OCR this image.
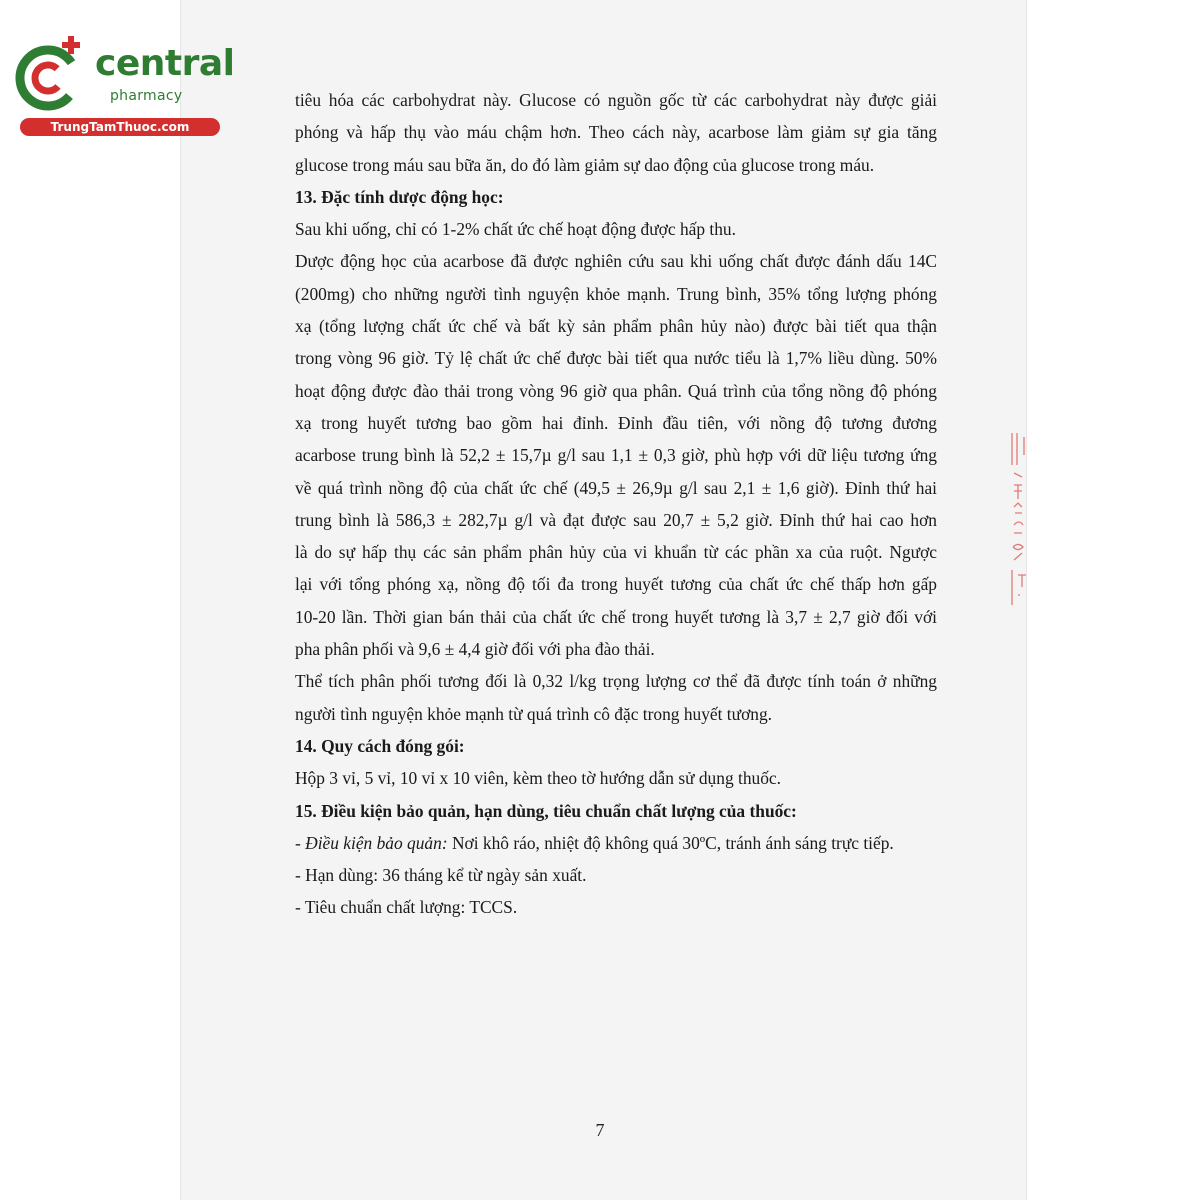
central
pharmacy
TrungTamThuoc.com

tiêu hóa các carbohydrat này. Glucose có nguồn gốc từ các carbohydrat này được giải

phóng và hấp thụ vào máu chậm hơn. Theo cách này, acarbose làm giảm sự gia tăng

glucose trong máu sau bữa ăn, do đó làm giảm sự dao động của glucose trong máu.

13. Đặc tính dược động học:

Sau khi uống, chỉ có 1-2% chất ức chế hoạt động được hấp thu.

Dược động học của acarbose đã được nghiên cứu sau khi uống chất được đánh dấu 14C

(200mg) cho những người tình nguyện khỏe mạnh. Trung bình, 35% tổng lượng phóng

xạ (tổng lượng chất ức chế và bất kỳ sản phẩm phân hủy nào) được bài tiết qua thận

trong vòng 96 giờ. Tỷ lệ chất ức chế được bài tiết qua nước tiểu là 1,7% liều dùng. 50%

hoạt động được đào thải trong vòng 96 giờ qua phân. Quá trình của tổng nồng độ phóng

xạ trong huyết tương bao gồm hai đỉnh. Đỉnh đầu tiên, với nồng độ tương đương

acarbose trung bình là 52,2 ± 15,7µ g/l sau 1,1 ± 0,3 giờ, phù hợp với dữ liệu tương ứng

về quá trình nồng độ của chất ức chế (49,5 ± 26,9µ g/l sau 2,1 ± 1,6 giờ). Đỉnh thứ hai

trung bình là 586,3 ± 282,7µ g/l và đạt được sau 20,7 ± 5,2 giờ. Đỉnh thứ hai cao hơn

là do sự hấp thụ các sản phẩm phân hủy của vi khuẩn từ các phần xa của ruột. Ngược

lại với tổng phóng xạ, nồng độ tối đa trong huyết tương của chất ức chế thấp hơn gấp

10-20 lần. Thời gian bán thải của chất ức chế trong huyết tương là 3,7 ± 2,7 giờ đối với

pha phân phối và 9,6 ± 4,4 giờ đối với pha đào thải.

Thể tích phân phối tương đối là 0,32 l/kg trọng lượng cơ thể đã được tính toán ở những

người tình nguyện khỏe mạnh từ quá trình cô đặc trong huyết tương.

14. Quy cách đóng gói:

Hộp 3 vỉ, 5 vỉ, 10 vỉ x 10 viên, kèm theo tờ hướng dẫn sử dụng thuốc.

15. Điều kiện bảo quản, hạn dùng, tiêu chuẩn chất lượng của thuốc:

- Điều kiện bảo quản: Nơi khô ráo, nhiệt độ không quá 30ºC, tránh ánh sáng trực tiếp.

- Hạn dùng: 36 tháng kể từ ngày sản xuất.

- Tiêu chuẩn chất lượng: TCCS.

7
